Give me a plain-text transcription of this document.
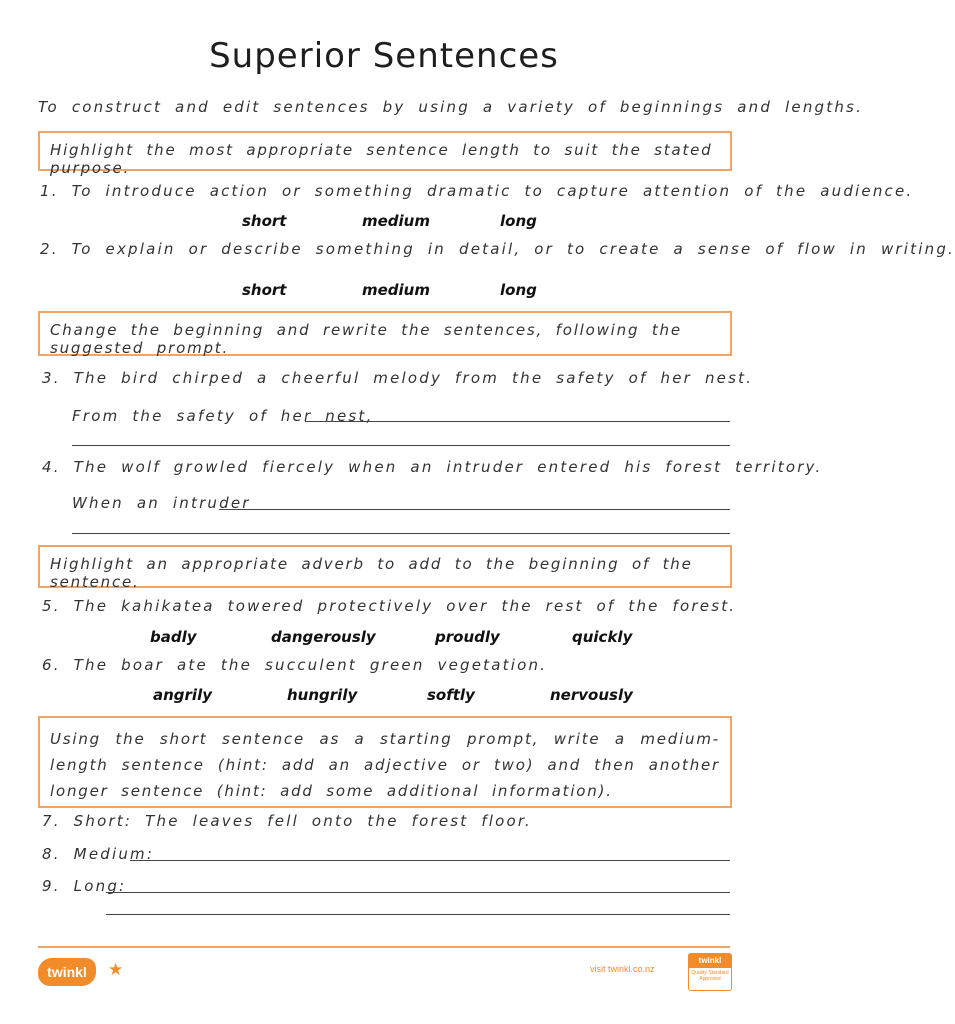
Superior Sentences
To construct and edit sentences by using a variety of beginnings and lengths.
Highlight the most appropriate sentence length to suit the stated purpose.
1. To introduce action or something dramatic to capture attention of the audience.
short	medium	long
2. To explain or describe something in detail, or to create a sense of flow in writing.
short	medium	long
Change the beginning and rewrite the sentences, following the suggested prompt.
3. The bird chirped a cheerful melody from the safety of her nest.
From the safety of her nest,
4. The wolf growled fiercely when an intruder entered his forest territory.
When an intruder
Highlight an appropriate adverb to add to the beginning of the sentence.
5. The kahikatea towered protectively over the rest of the forest.
badly	dangerously	proudly	quickly
6. The boar ate the succulent green vegetation.
angrily	hungrily	softly	nervously
Using the short sentence as a starting prompt, write a medium-length sentence (hint: add an adjective or two) and then another longer sentence (hint: add some additional information).
7. Short: The leaves fell onto the forest floor.
8. Medium:
9. Long:
twinkl	★	visit twinkl.co.nz
twinkl
Quality Standard Approved
